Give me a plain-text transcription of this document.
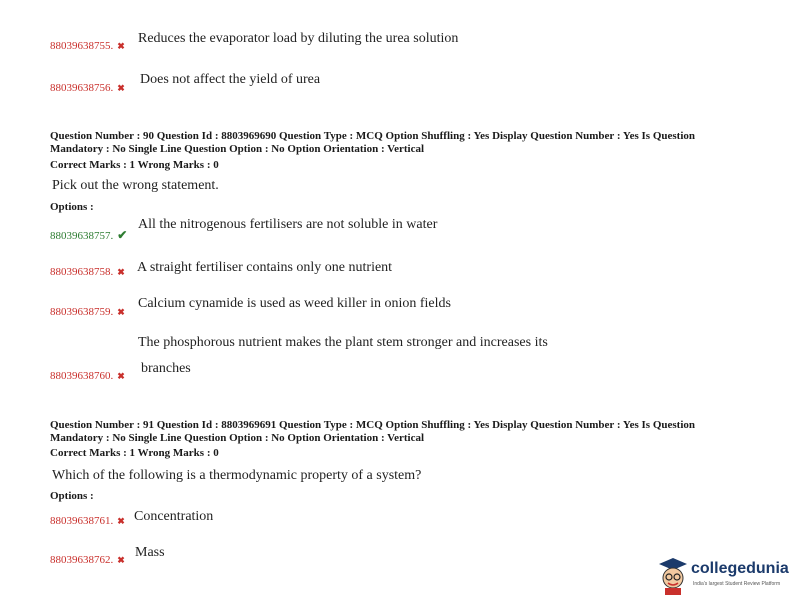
Reduces the evaporator load by diluting the urea solution
88039638755. ✖
Does not affect the yield of urea
88039638756. ✖
Question Number : 90 Question Id : 8803969690 Question Type : MCQ Option Shuffling : Yes Display Question Number : Yes Is Question Mandatory : No Single Line Question Option : No Option Orientation : Vertical
Correct Marks : 1 Wrong Marks : 0
Pick out the wrong statement.
Options :
All the nitrogenous fertilisers are not soluble in water
88039638757. ✔
A straight fertiliser contains only one nutrient
88039638758. ✖
Calcium cynamide is used as weed killer in onion fields
88039638759. ✖
The phosphorous nutrient makes the plant stem stronger and increases its
branches
88039638760. ✖
Question Number : 91 Question Id : 8803969691 Question Type : MCQ Option Shuffling : Yes Display Question Number : Yes Is Question Mandatory : No Single Line Question Option : No Option Orientation : Vertical
Correct Marks : 1 Wrong Marks : 0
Which of the following is a thermodynamic property of a system?
Options :
Concentration
88039638761. ✖
Mass
88039638762. ✖	collegedunia
India's largest Student Review Platform
